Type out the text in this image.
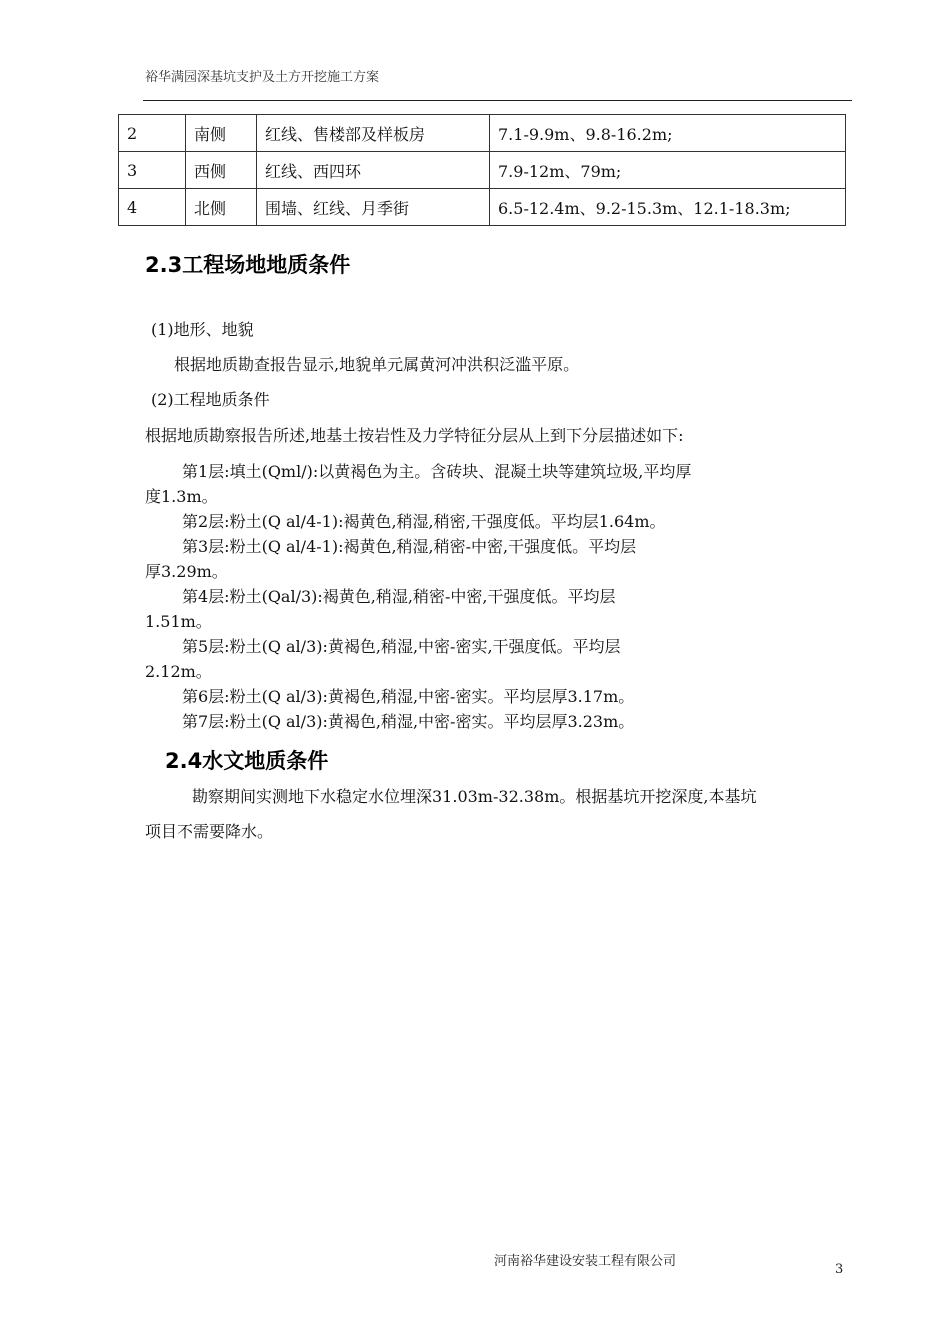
裕华满园深基坑支护及土方开挖施工方案
2	南侧	红线、售楼部及样板房	7.1-9.9m、9.8-16.2m;
3	西侧	红线、西四环	7.9-12m、79m;
4	北侧	围墙、红线、月季街	6.5-12.4m、9.2-15.3m、12.1-18.3m;
2.3工程场地地质条件
(1)地形、地貌
根据地质勘查报告显示,地貌单元属黄河冲洪积泛滥平原。
(2)工程地质条件
根据地质勘察报告所述,地基土按岩性及力学特征分层从上到下分层描述如下:
第1层:填土(Qml/):以黄褐色为主。含砖块、混凝土块等建筑垃圾,平均厚
度1.3m。
第2层:粉土(Q al/4-1):褐黄色,稍湿,稍密,干强度低。平均层1.64m。
第3层:粉土(Q al/4-1):褐黄色,稍湿,稍密-中密,干强度低。平均层
厚3.29m。
第4层:粉土(Qal/3):褐黄色,稍湿,稍密-中密,干强度低。平均层
1.51m。
第5层:粉土(Q al/3):黄褐色,稍湿,中密-密实,干强度低。平均层
2.12m。
第6层:粉土(Q al/3):黄褐色,稍湿,中密-密实。平均层厚3.17m。
第7层:粉土(Q al/3):黄褐色,稍湿,中密-密实。平均层厚3.23m。
2.4水文地质条件
勘察期间实测地下水稳定水位埋深31.03m-32.38m。根据基坑开挖深度,本基坑
项目不需要降水。
河南裕华建设安装工程有限公司
3
